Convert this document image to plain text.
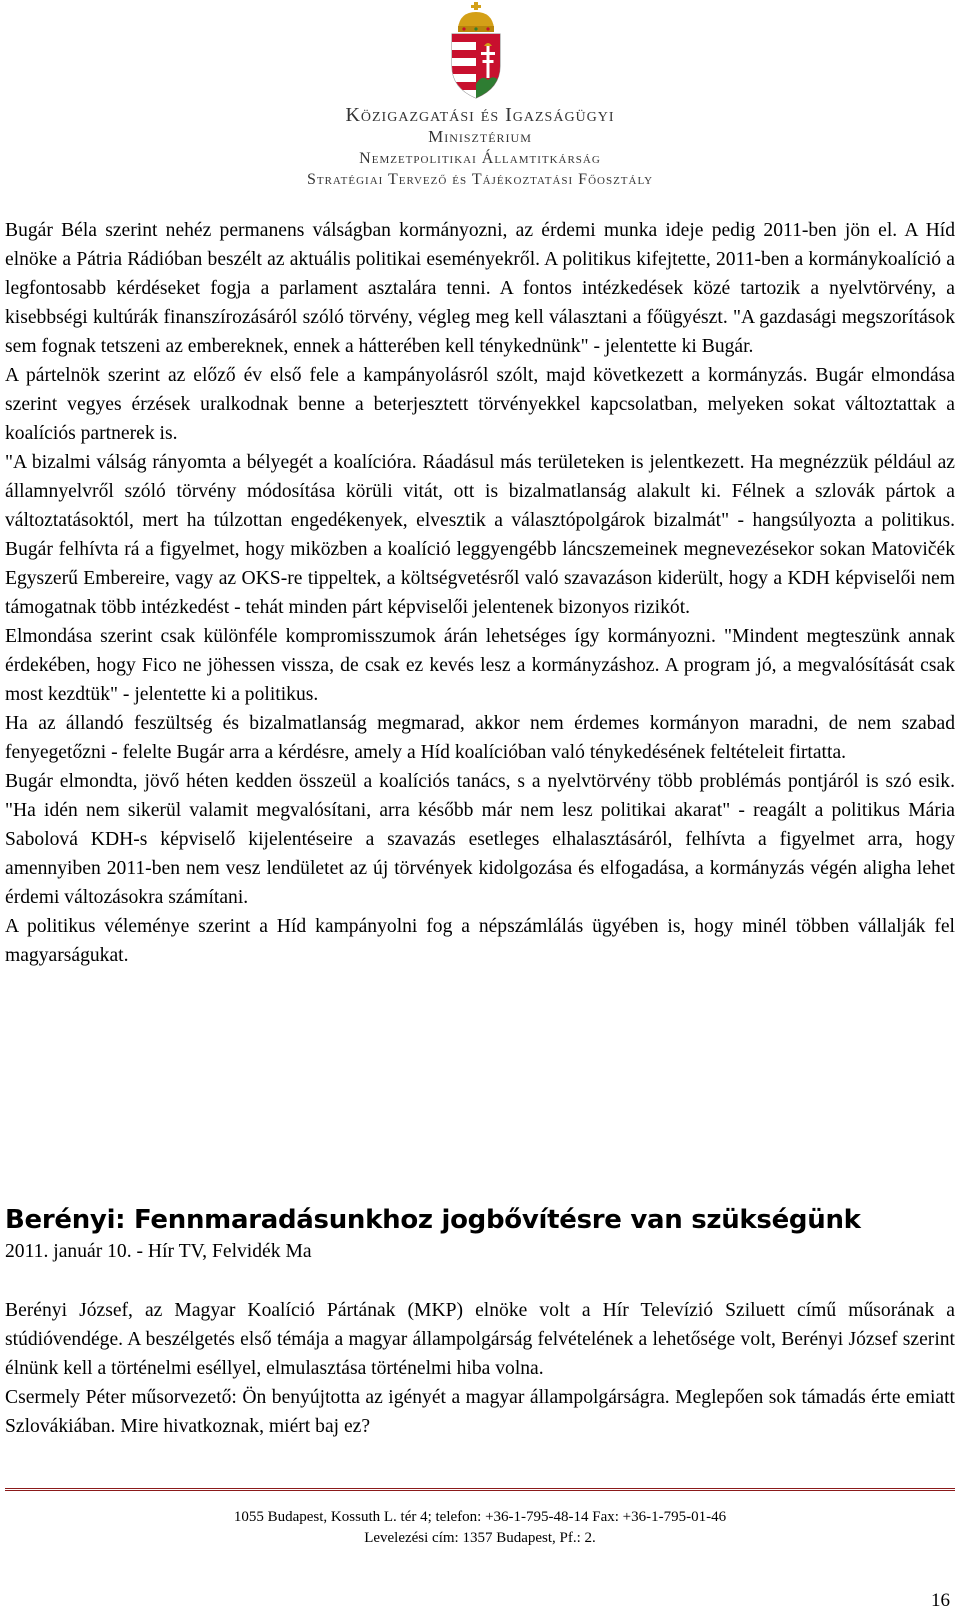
Közigazgatási és Igazságügyi
Minisztérium
Nemzetpolitikai Államtitkárság
Stratégiai Tervező és Tájékoztatási Főosztály

Bugár Béla szerint nehéz permanens válságban kormányozni, az érdemi munka ideje pedig 2011-ben jön el. A Híd elnöke a Pátria Rádióban beszélt az aktuális politikai eseményekről. A politikus kifejtette, 2011-ben a kormánykoalíció a legfontosabb kérdéseket fogja a parlament asztalára tenni. A fontos intézkedések közé tartozik a nyelvtörvény, a kisebbségi kultúrák finanszírozásáról szóló törvény, végleg meg kell választani a főügyészt. "A gazdasági megszorítások sem fognak tetszeni az embereknek, ennek a hátterében kell ténykednünk" - jelentette ki Bugár.

A pártelnök szerint az előző év első fele a kampányolásról szólt, majd következett a kormányzás. Bugár elmondása szerint vegyes érzések uralkodnak benne a beterjesztett törvényekkel kapcsolatban, melyeken sokat változtattak a koalíciós partnerek is.

"A bizalmi válság rányomta a bélyegét a koalícióra. Ráadásul más területeken is jelentkezett. Ha megnézzük például az államnyelvről szóló törvény módosítása körüli vitát, ott is bizalmatlanság alakult ki. Félnek a szlovák pártok a változtatásoktól, mert ha túlzottan engedékenyek, elvesztik a választópolgárok bizalmát" - hangsúlyozta a politikus. Bugár felhívta rá a figyelmet, hogy miközben a koalíció leggyengébb láncszemeinek megnevezésekor sokan Matovičék Egyszerű Embereire, vagy az OKS-re tippeltek, a költségvetésről való szavazáson kiderült, hogy a KDH képviselői nem támogatnak több intézkedést - tehát minden párt képviselői jelentenek bizonyos rizikót.

Elmondása szerint csak különféle kompromisszumok árán lehetséges így kormányozni. "Mindent megteszünk annak érdekében, hogy Fico ne jöhessen vissza, de csak ez kevés lesz a kormányzáshoz. A program jó, a megvalósítását csak most kezdtük" - jelentette ki a politikus.

Ha az állandó feszültség és bizalmatlanság megmarad, akkor nem érdemes kormányon maradni, de nem szabad fenyegetőzni - felelte Bugár arra a kérdésre, amely a Híd koalícióban való ténykedésének feltételeit firtatta.

Bugár elmondta, jövő héten kedden összeül a koalíciós tanács, s a nyelvtörvény több problémás pontjáról is szó esik. "Ha idén nem sikerül valamit megvalósítani, arra később már nem lesz politikai akarat" - reagált a politikus Mária Sabolová KDH-s képviselő kijelentéseire a szavazás esetleges elhalasztásáról, felhívta a figyelmet arra, hogy amennyiben 2011-ben nem vesz lendületet az új törvények kidolgozása és elfogadása, a kormányzás végén aligha lehet érdemi változásokra számítani.

A politikus véleménye szerint a Híd kampányolni fog a népszámlálás ügyében is, hogy minél többen vállalják fel magyarságukat.

Berényi: Fennmaradásunkhoz jogbővítésre van szükségünk

2011. január 10. - Hír TV, Felvidék Ma

Berényi József, az Magyar Koalíció Pártának (MKP) elnöke volt a Hír Televízió Sziluett című műsorának a stúdióvendége. A beszélgetés első témája a magyar állampolgárság felvételének a lehetősége volt, Berényi József szerint élnünk kell a történelmi eséllyel, elmulasztása történelmi hiba volna.

Csermely Péter műsorvezető: Ön benyújtotta az igényét a magyar állampolgárságra. Meglepően sok támadás érte emiatt Szlovákiában. Mire hivatkoznak, miért baj ez?

1055 Budapest, Kossuth L. tér 4; telefon: +36-1-795-48-14 Fax: +36-1-795-01-46
Levelezési cím: 1357 Budapest, Pf.: 2.
16
